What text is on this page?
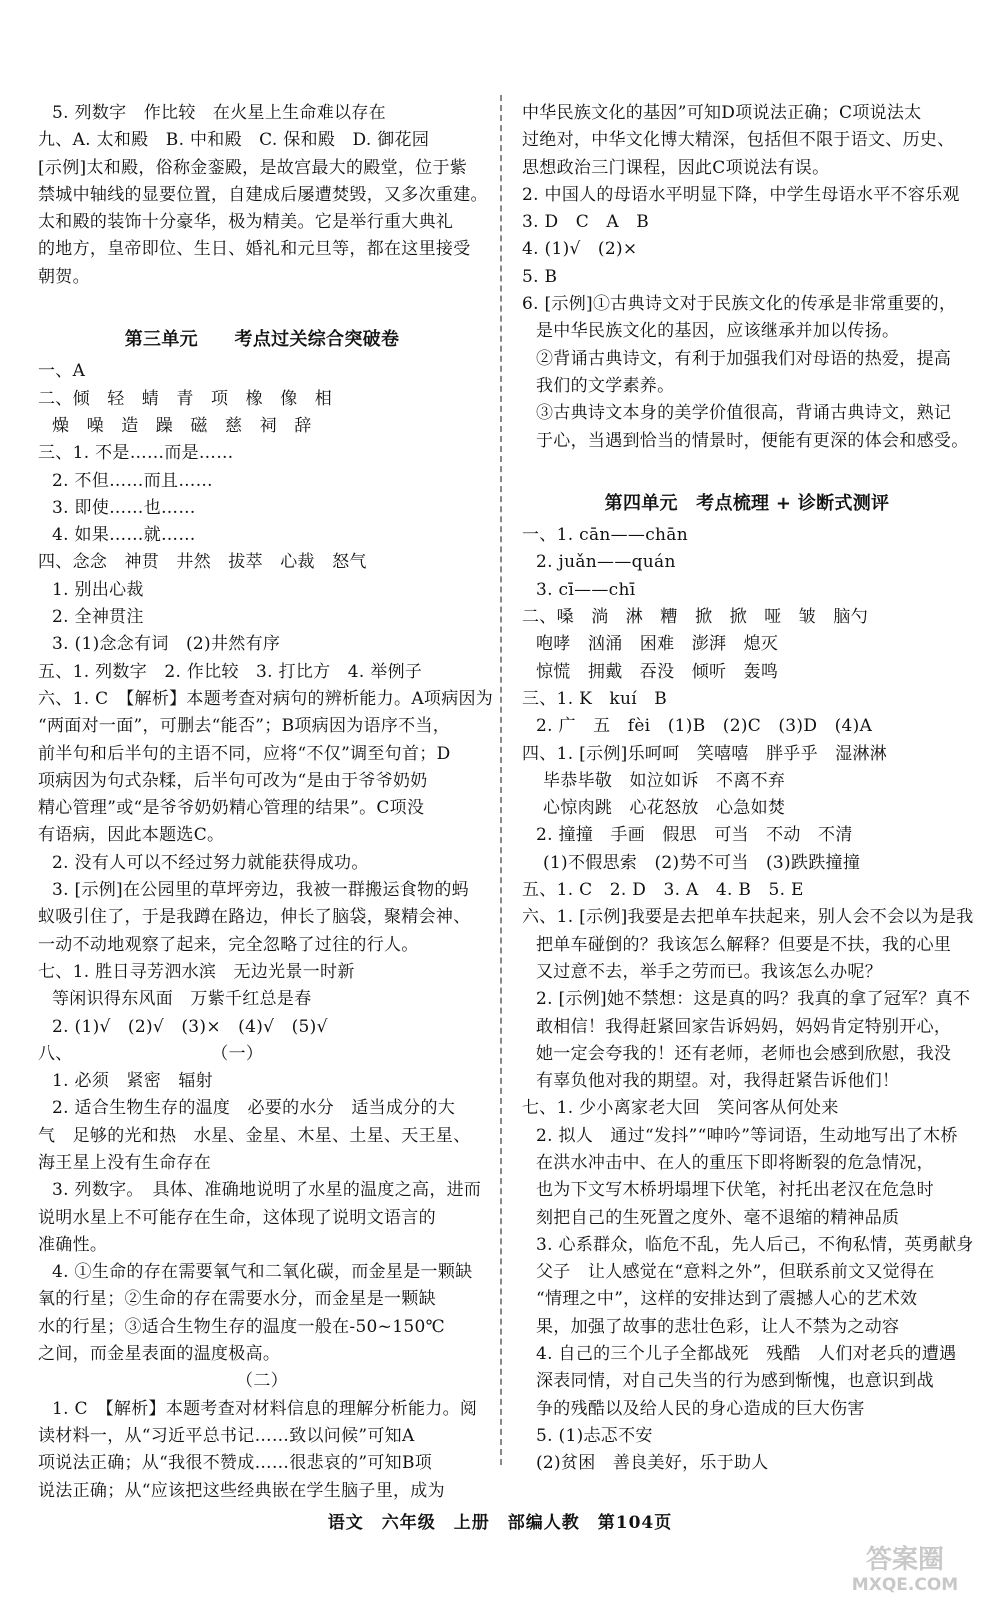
5. 列数字　作比较　在火星上生命难以存在
九、A. 太和殿　B. 中和殿　C. 保和殿　D. 御花园
[示例]太和殿，俗称金銮殿，是故宫最大的殿堂，位于紫
禁城中轴线的显要位置，自建成后屡遭焚毁，又多次重建。
太和殿的装饰十分豪华，极为精美。它是举行重大典礼
的地方，皇帝即位、生日、婚礼和元旦等，都在这里接受
朝贺。
第三单元　　考点过关综合突破卷
一、A
二、倾　轻　蜻　青　项　橡　像　相
燥　噪　造　躁　磁　慈　祠　辞
三、1. 不是……而是……
2. 不但……而且……
3. 即使……也……
4. 如果……就……
四、念念　神贯　井然　拔萃　心裁　怒气
1. 别出心裁
2. 全神贯注
3. (1)念念有词　(2)井然有序
五、1. 列数字　2. 作比较　3. 打比方　4. 举例子
六、1. C　【解析】本题考查对病句的辨析能力。A项病因为
“两面对一面”，可删去“能否”；B项病因为语序不当，
前半句和后半句的主语不同，应将“不仅”调至句首；D
项病因为句式杂糅，后半句可改为“是由于爷爷奶奶
精心管理”或“是爷爷奶奶精心管理的结果”。C项没
有语病，因此本题选C。
2. 没有人可以不经过努力就能获得成功。
3. [示例]在公园里的草坪旁边，我被一群搬运食物的蚂
蚁吸引住了，于是我蹲在路边，伸长了脑袋，聚精会神、
一动不动地观察了起来，完全忽略了过往的行人。
七、1. 胜日寻芳泗水滨　无边光景一时新
等闲识得东风面　万紫千红总是春
2. (1)√　(2)√　(3)×　(4)√　(5)√
八、　　　　　　　　　（一）
1. 必须　紧密　辐射
2. 适合生物生存的温度　必要的水分　适当成分的大
气　足够的光和热　水星、金星、木星、土星、天王星、
海王星上没有生命存在
3. 列数字。　具体、准确地说明了水星的温度之高，进而
说明水星上不可能存在生命，这体现了说明文语言的
准确性。
4. ①生命的存在需要氧气和二氧化碳，而金星是一颗缺
氧的行星；②生命的存在需要水分，而金星是一颗缺
水的行星；③适合生物生存的温度一般在-50~150℃
之间，而金星表面的温度极高。
（二）
1. C　【解析】本题考查对材料信息的理解分析能力。阅
读材料一，从“习近平总书记……致以问候”可知A
项说法正确；从“我很不赞成……很悲哀的”可知B项
说法正确；从“应该把这些经典嵌在学生脑子里，成为
中华民族文化的基因”可知D项说法正确；C项说法太
过绝对，中华文化博大精深，包括但不限于语文、历史、
思想政治三门课程，因此C项说法有误。
2. 中国人的母语水平明显下降，中学生母语水平不容乐观
3. D　C　A　B
4. (1)√　(2)×
5. B
6. [示例]①古典诗文对于民族文化的传承是非常重要的，
是中华民族文化的基因，应该继承并加以传扬。
②背诵古典诗文，有利于加强我们对母语的热爱，提高
我们的文学素养。
③古典诗文本身的美学价值很高，背诵古典诗文，熟记
于心，当遇到恰当的情景时，便能有更深的体会和感受。
第四单元　考点梳理 + 诊断式测评
一、1. cān——chān
2. juǎn——quán
3. cī——chī
二、嗓　淌　淋　糟　掀　掀　哑　皱　脑勺
咆哮　汹涌　困难　澎湃　熄灭
惊慌　拥戴　吞没　倾听　轰鸣
三、1. K　kuí　B
2. 广　五　fèi　(1)B　(2)C　(3)D　(4)A
四、1. [示例]乐呵呵　笑嘻嘻　胖乎乎　湿淋淋
毕恭毕敬　如泣如诉　不离不弃
心惊肉跳　心花怒放　心急如焚
2. 撞撞　手画　假思　可当　不动　不清
(1)不假思索　(2)势不可当　(3)跌跌撞撞
五、1. C　2. D　3. A　4. B　5. E
六、1. [示例]我要是去把单车扶起来，别人会不会以为是我
把单车碰倒的？我该怎么解释？但要是不扶，我的心里
又过意不去，举手之劳而已。我该怎么办呢？
2. [示例]她不禁想：这是真的吗？我真的拿了冠军？真不
敢相信！我得赶紧回家告诉妈妈，妈妈肯定特别开心，
她一定会夸我的！还有老师，老师也会感到欣慰，我没
有辜负他对我的期望。对，我得赶紧告诉他们！
七、1. 少小离家老大回　笑问客从何处来
2. 拟人　通过“发抖”“呻吟”等词语，生动地写出了木桥
在洪水冲击中、在人的重压下即将断裂的危急情况，
也为下文写木桥坍塌埋下伏笔，衬托出老汉在危急时
刻把自己的生死置之度外、毫不退缩的精神品质
3. 心系群众，临危不乱，先人后己，不徇私情，英勇献身
父子　让人感觉在“意料之外”，但联系前文又觉得在
“情理之中”，这样的安排达到了震撼人心的艺术效
果，加强了故事的悲壮色彩，让人不禁为之动容
4. 自己的三个儿子全都战死　残酷　人们对老兵的遭遇
深表同情，对自己失当的行为感到惭愧，也意识到战
争的残酷以及给人民的身心造成的巨大伤害
5. (1)忐忑不安
(2)贫困　善良美好，乐于助人
语文　六年级　上册　部编人教　第104页
答案圈
MXQE.COM
